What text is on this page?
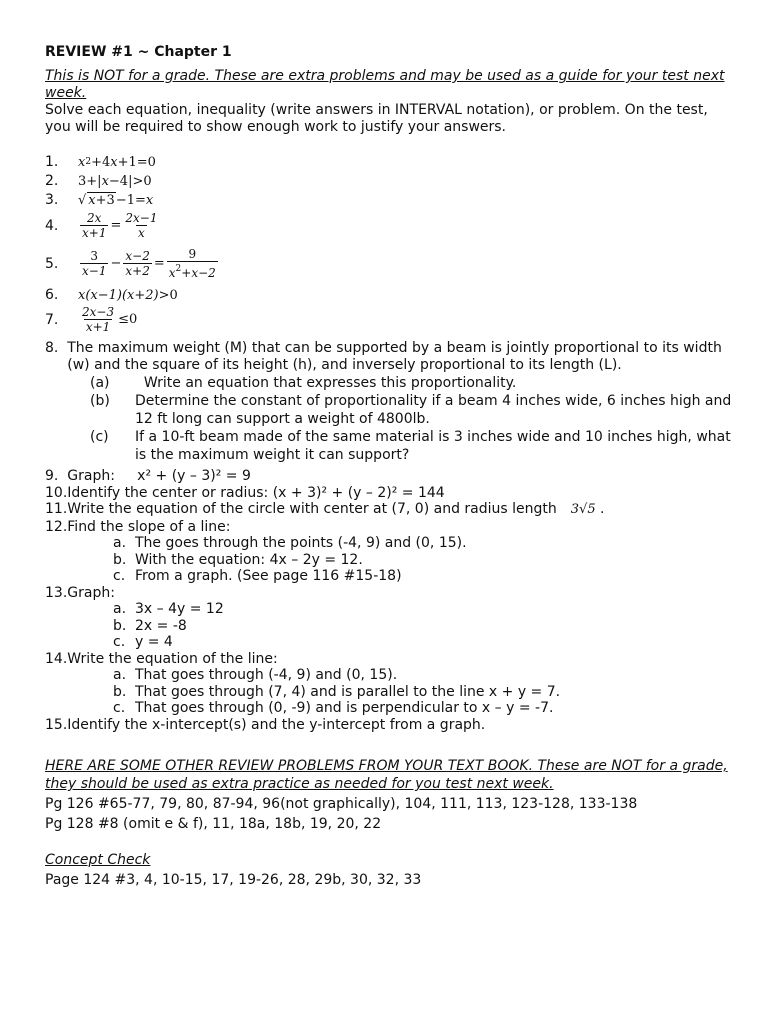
REVIEW #1 ~ Chapter 1
This is NOT for a grade. These are extra problems and may be used as a guide for your test next week.
Solve each equation, inequality (write answers in INTERVAL notation), or problem. On the test, you will be required to show enough work to justify your answers.
1.	x 2 +4 x +1=0
2.	3+ | x −4 | >0
3.	√ x+3 −1= x
4.	$\frac{2x}{x+1} = \frac{2x-1}{x}$
5.	$\frac{3}{x-1} - \frac{x-2}{x+2} = \frac{9}{x^2+x-2}$
6.	x (x−1) (x+2) >0
7.	$\frac{2x-3}{x+1} \le 0$
8.  The maximum weight (M) that can be supported by a beam is jointly proportional to its width
(w) and the square of its height (h), and inversely proportional to its length (L).
(a)	Write an equation that expresses this proportionality.
(b)	Determine the constant of proportionality if a beam 4 inches wide, 6 inches high and 12 ft long can support a weight of 4800lb.
(c)	If a 10-ft beam made of the same material is 3 inches wide and 10 inches high, what is the maximum weight it can support?
9.  Graph:     x² + (y – 3)² = 9
10.Identify the center or radius: (x + 3)² + (y – 2)² = 144
11.Write the equation of the circle with center at (7, 0) and radius length 3√5 .
12.Find the slope of a line:
a. The goes through the points (-4, 9) and (0, 15).
b. With the equation: 4x – 2y = 12.
c. From a graph. (See page 116 #15-18)
13.Graph:
a. 3x – 4y = 12
b. 2x = -8
c. y = 4
14.Write the equation of the line:
a. That goes through (-4, 9) and (0, 15).
b. That goes through (7, 4) and is parallel to the line x + y = 7.
c. That goes through (0, -9) and is perpendicular to x – y = -7.
15.Identify the x-intercept(s) and the y-intercept from a graph.
HERE ARE SOME OTHER REVIEW PROBLEMS FROM YOUR TEXT BOOK. These are NOT for a grade, they should be used as extra practice as needed for you test next week.
Pg 126 #65-77, 79, 80, 87-94, 96(not graphically), 104, 111, 113, 123-128, 133-138
Pg 128 #8 (omit e & f), 11, 18a, 18b, 19, 20, 22
Concept Check
Page 124 #3, 4, 10-15, 17, 19-26, 28, 29b, 30, 32, 33
